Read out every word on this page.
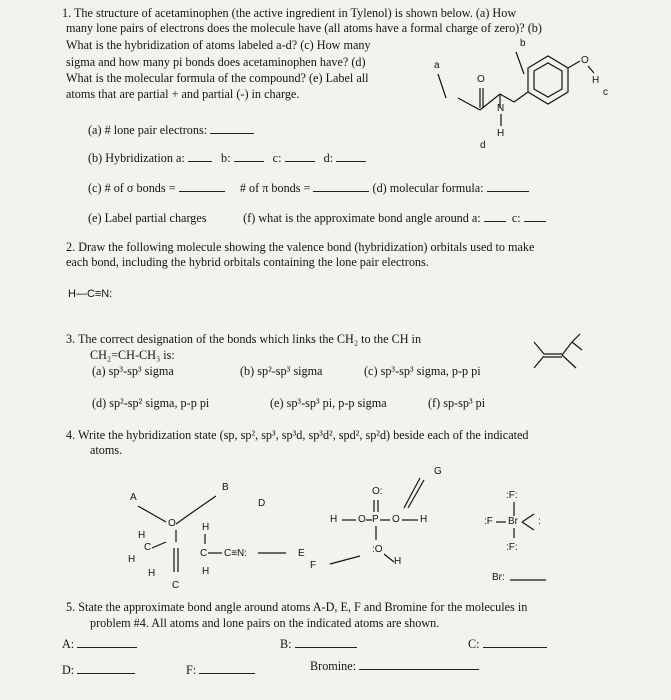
1. The structure of acetaminophen (the active ingredient in Tylenol) is shown below. (a) How
many lone pairs of electrons does the molecule have (all atoms have a formal charge of zero)? (b)
What is the hybridization of atoms labeled a-d? (c) How many
sigma and how many pi bonds does acetaminophen have? (d)
What is the molecular formula of the compound? (e) Label all
atoms that are partial + and partial (-) in charge.
O
H
b
c
O
a
N
H
d
(a) # lone pair electrons:
(b) Hybridization a:	b:	c:	d:
(c) # of σ bonds =	# of π bonds =	(d) molecular formula:
(e) Label partial charges	(f) what is the approximate bond angle around a:	c:
2. Draw the following molecule showing the valence bond (hybridization) orbitals used to make
each bond, including the hybrid orbitals containing the lone pair electrons.
H—C≡N:
3. The correct designation of the bonds which links the CH₂ to the CH in
CH₂=CH-CH₃ is:
(a) sp³-sp³ sigma	(b) sp²-sp³ sigma	(c) sp³-sp³ sigma, p-p pi
(d) sp²-sp² sigma, p-p pi	(e) sp³-sp³ pi, p-p sigma	(f) sp-sp³ pi
4. Write the hybridization state (sp, sp², sp³, sp³d, sp³d², spd², sp²d) beside each of the indicated
atoms.
A
O
B
H
H
C
H
C C≡N:	E
H
H
D
C
O:
H O P O H
:O
H
F
G
:F:
:F Br :
:F:
Br:
5. State the approximate bond angle around atoms A-D, E, F and Bromine for the molecules in
problem #4. All atoms and lone pairs on the indicated atoms are shown.
A:	B:	C:
D:	F:	Bromine:
